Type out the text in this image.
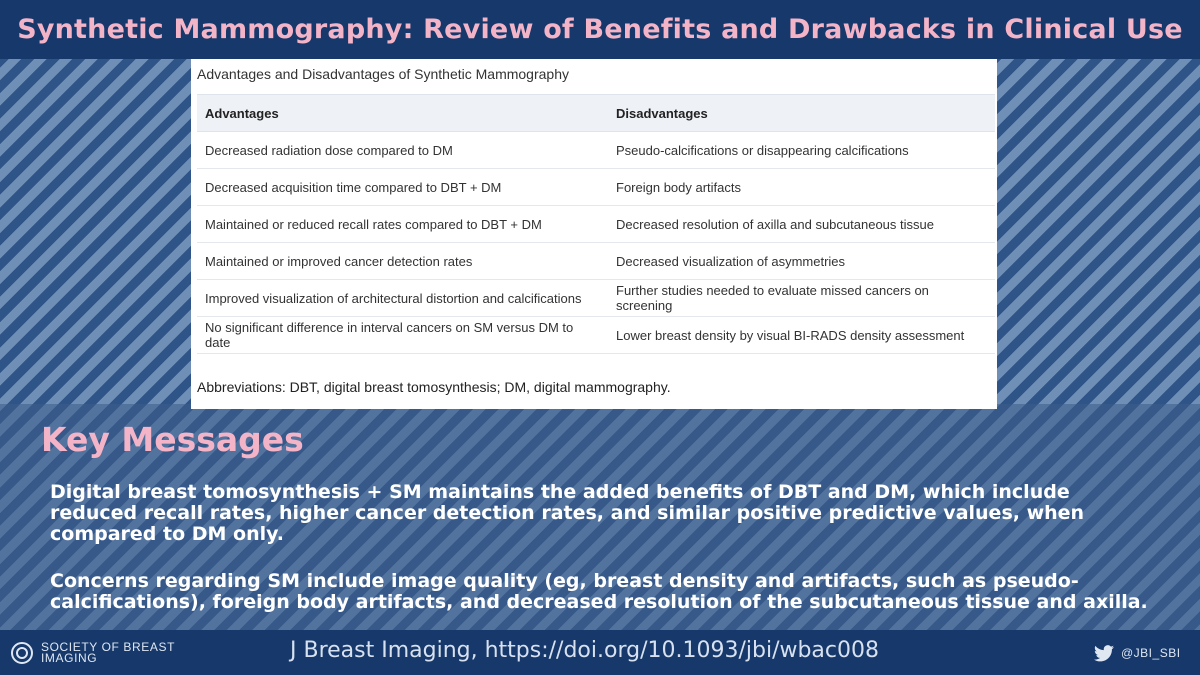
Synthetic Mammography: Review of Benefits and Drawbacks in Clinical Use
Advantages and Disadvantages of Synthetic Mammography
Advantages	Disadvantages
Decreased radiation dose compared to DM	Pseudo-calcifications or disappearing calcifications
Decreased acquisition time compared to DBT + DM	Foreign body artifacts
Maintained or reduced recall rates compared to DBT + DM	Decreased resolution of axilla and subcutaneous tissue
Maintained or improved cancer detection rates	Decreased visualization of asymmetries
Improved visualization of architectural distortion and calcifications	Further studies needed to evaluate missed cancers on screening
No significant difference in interval cancers on SM versus DM to date	Lower breast density by visual BI-RADS density assessment
Abbreviations: DBT, digital breast tomosynthesis; DM, digital mammography.
Key Messages
Digital breast tomosynthesis + SM maintains the added benefits of DBT and DM, which include reduced recall rates, higher cancer detection rates, and similar positive predictive values, when compared to DM only.
Concerns regarding SM include image quality (eg, breast density and artifacts, such as pseudo-calcifications), foreign body artifacts, and decreased resolution of the subcutaneous tissue and axilla.
SOCIETY OF BREAST
IMAGING	J Breast Imaging, https://doi.org/10.1093/jbi/wbac008	@JBI_SBI
